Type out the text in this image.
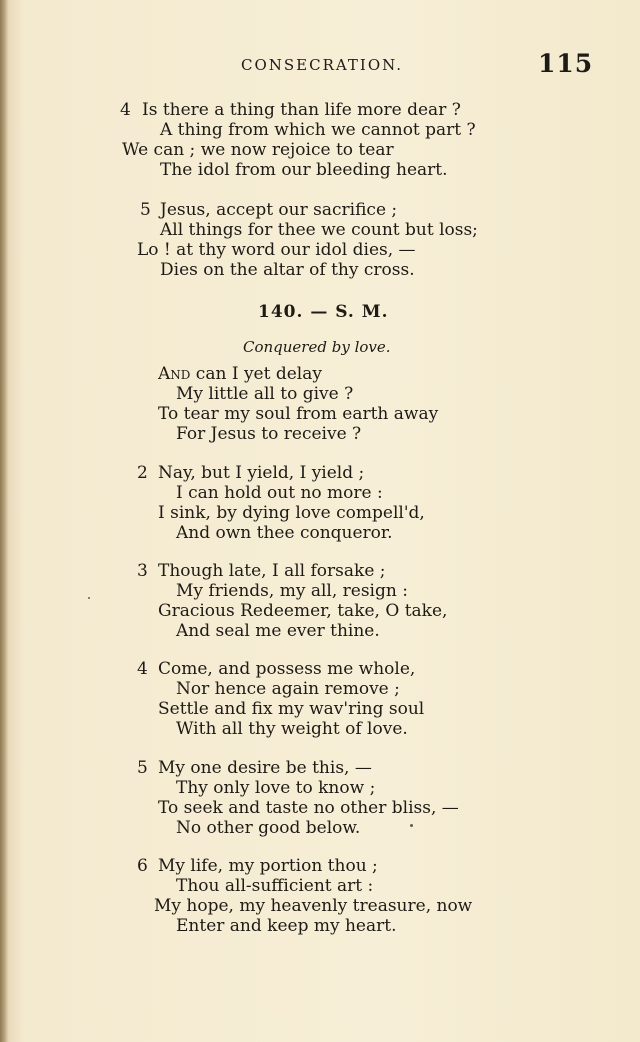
CONSECRATION.	115
4 Is there a thing than life more dear ?
A thing from which we cannot part ?
We can ; we now rejoice to tear
The idol from our bleeding heart.
5 Jesus, accept our sacrifice ;
All things for thee we count but loss;
Lo ! at thy word our idol dies, —
Dies on the altar of thy cross.
140. — S. M.
Conquered by love.
And can I yet delay
My little all to give ?
To tear my soul from earth away
For Jesus to receive ?
2 Nay, but I yield, I yield ;
I can hold out no more :
I sink, by dying love compell'd,
And own thee conqueror.
3 Though late, I all forsake ;
My friends, my all, resign :
Gracious Redeemer, take, O take,
And seal me ever thine.
4 Come, and possess me whole,
Nor hence again remove ;
Settle and fix my wav'ring soul
With all thy weight of love.
5 My one desire be this, —
Thy only love to know ;
To seek and taste no other bliss, —
No other good below.
6 My life, my portion thou ;
Thou all-sufficient art :
My hope, my heavenly treasure, now
Enter and keep my heart.
